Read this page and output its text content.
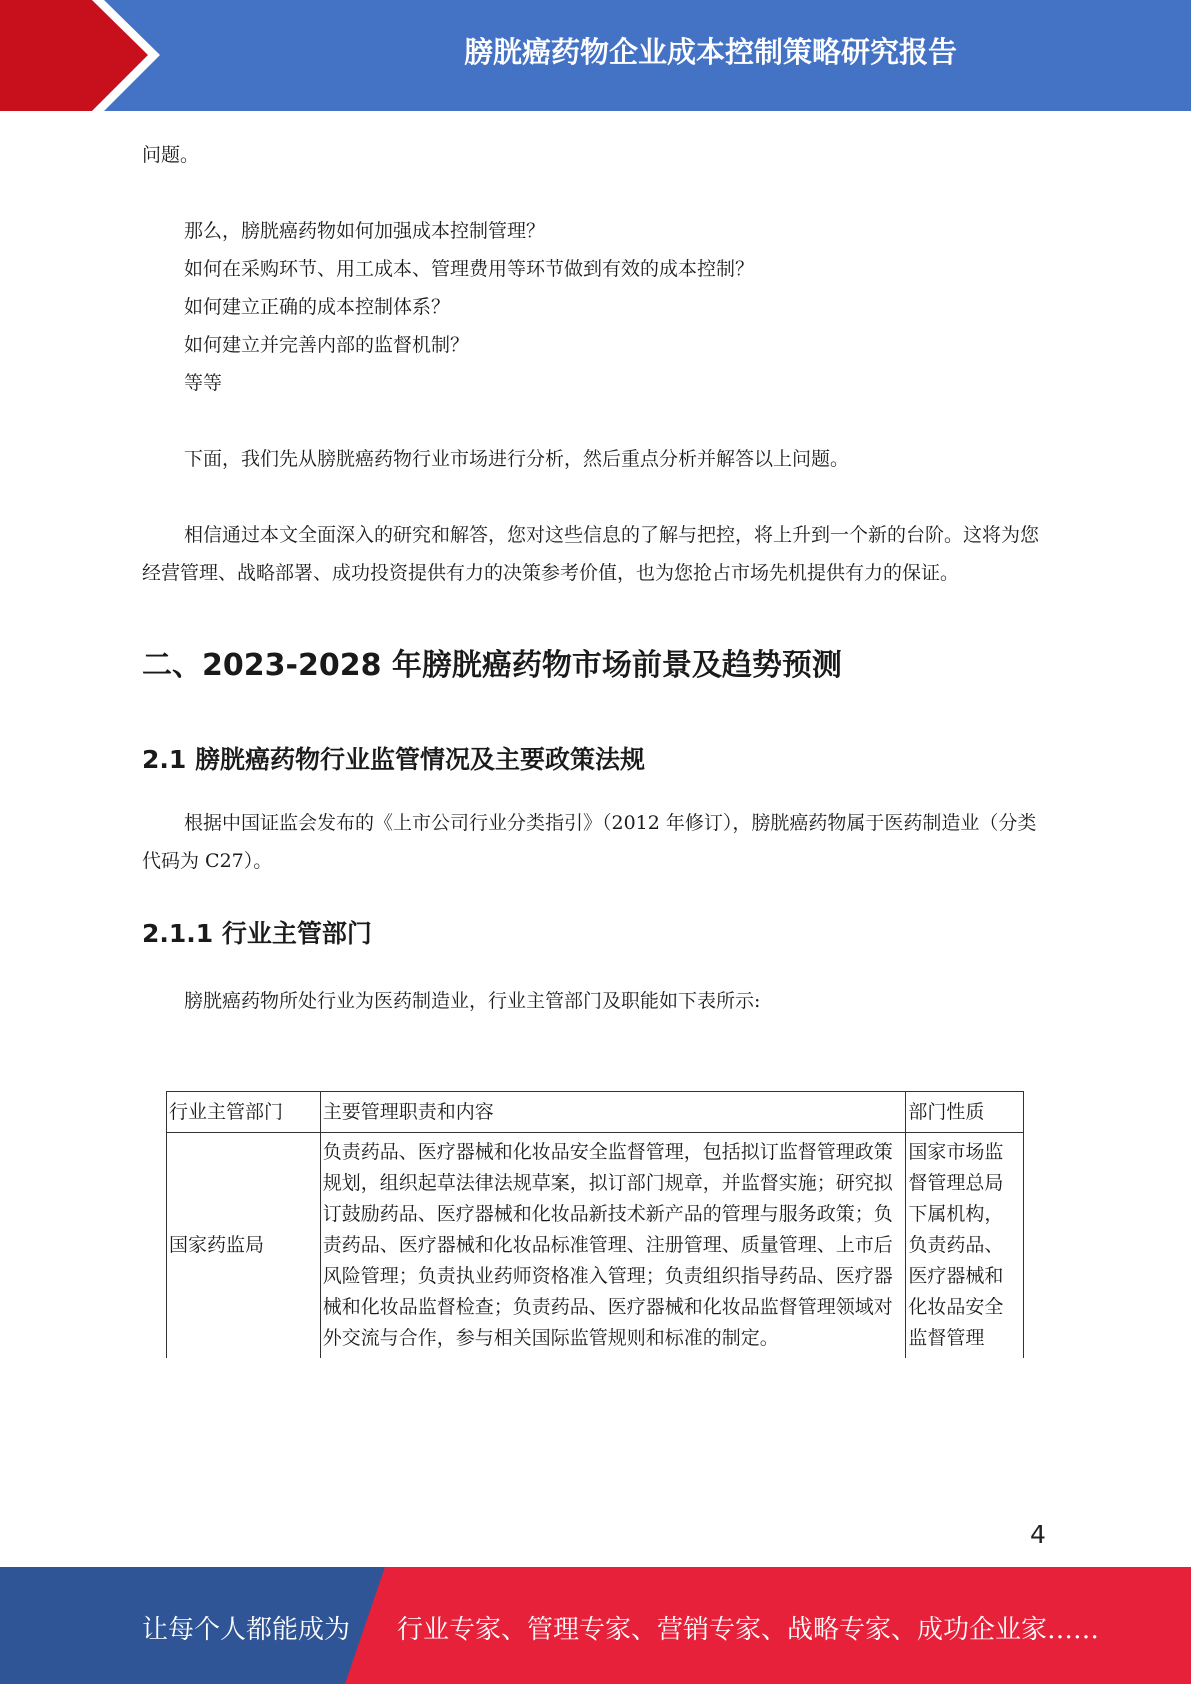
膀胱癌药物企业成本控制策略研究报告

问题。

那么，膀胱癌药物如何加强成本控制管理？
如何在采购环节、用工成本、管理费用等环节做到有效的成本控制？
如何建立正确的成本控制体系？
如何建立并完善内部的监督机制？
等等

下面，我们先从膀胱癌药物行业市场进行分析，然后重点分析并解答以上问题。

相信通过本文全面深入的研究和解答，您对这些信息的了解与把控，将上升到一个新的台阶。这将为您经营管理、战略部署、成功投资提供有力的决策参考价值，也为您抢占市场先机提供有力的保证。

二、2023-2028 年膀胱癌药物市场前景及趋势预测
2.1 膀胱癌药物行业监管情况及主要政策法规

根据中国证监会发布的《上市公司行业分类指引》（2012 年修订），膀胱癌药物属于医药制造业（分类代码为 C27）。

2.1.1 行业主管部门

膀胱癌药物所处行业为医药制造业，行业主管部门及职能如下表所示:

行业主管部门	主要管理职责和内容	部门性质
国家药监局	负责药品、医疗器械和化妆品安全监督管理，包括拟订监督管理政策规划，组织起草法律法规草案，拟订部门规章，并监督实施；研究拟订鼓励药品、医疗器械和化妆品新技术新产品的管理与服务政策；负责药品、医疗器械和化妆品标准管理、注册管理、质量管理、上市后风险管理；负责执业药师资格准入管理；负责组织指导药品、医疗器械和化妆品监督检查；负责药品、医疗器械和化妆品监督管理领域对外交流与合作，参与相关国际监管规则和标准的制定。	国家市场监督管理总局下属机构，负责药品、医疗器械和化妆品安全监督管理
4
让每个人都能成为 行业专家、管理专家、营销专家、战略专家、成功企业家……
